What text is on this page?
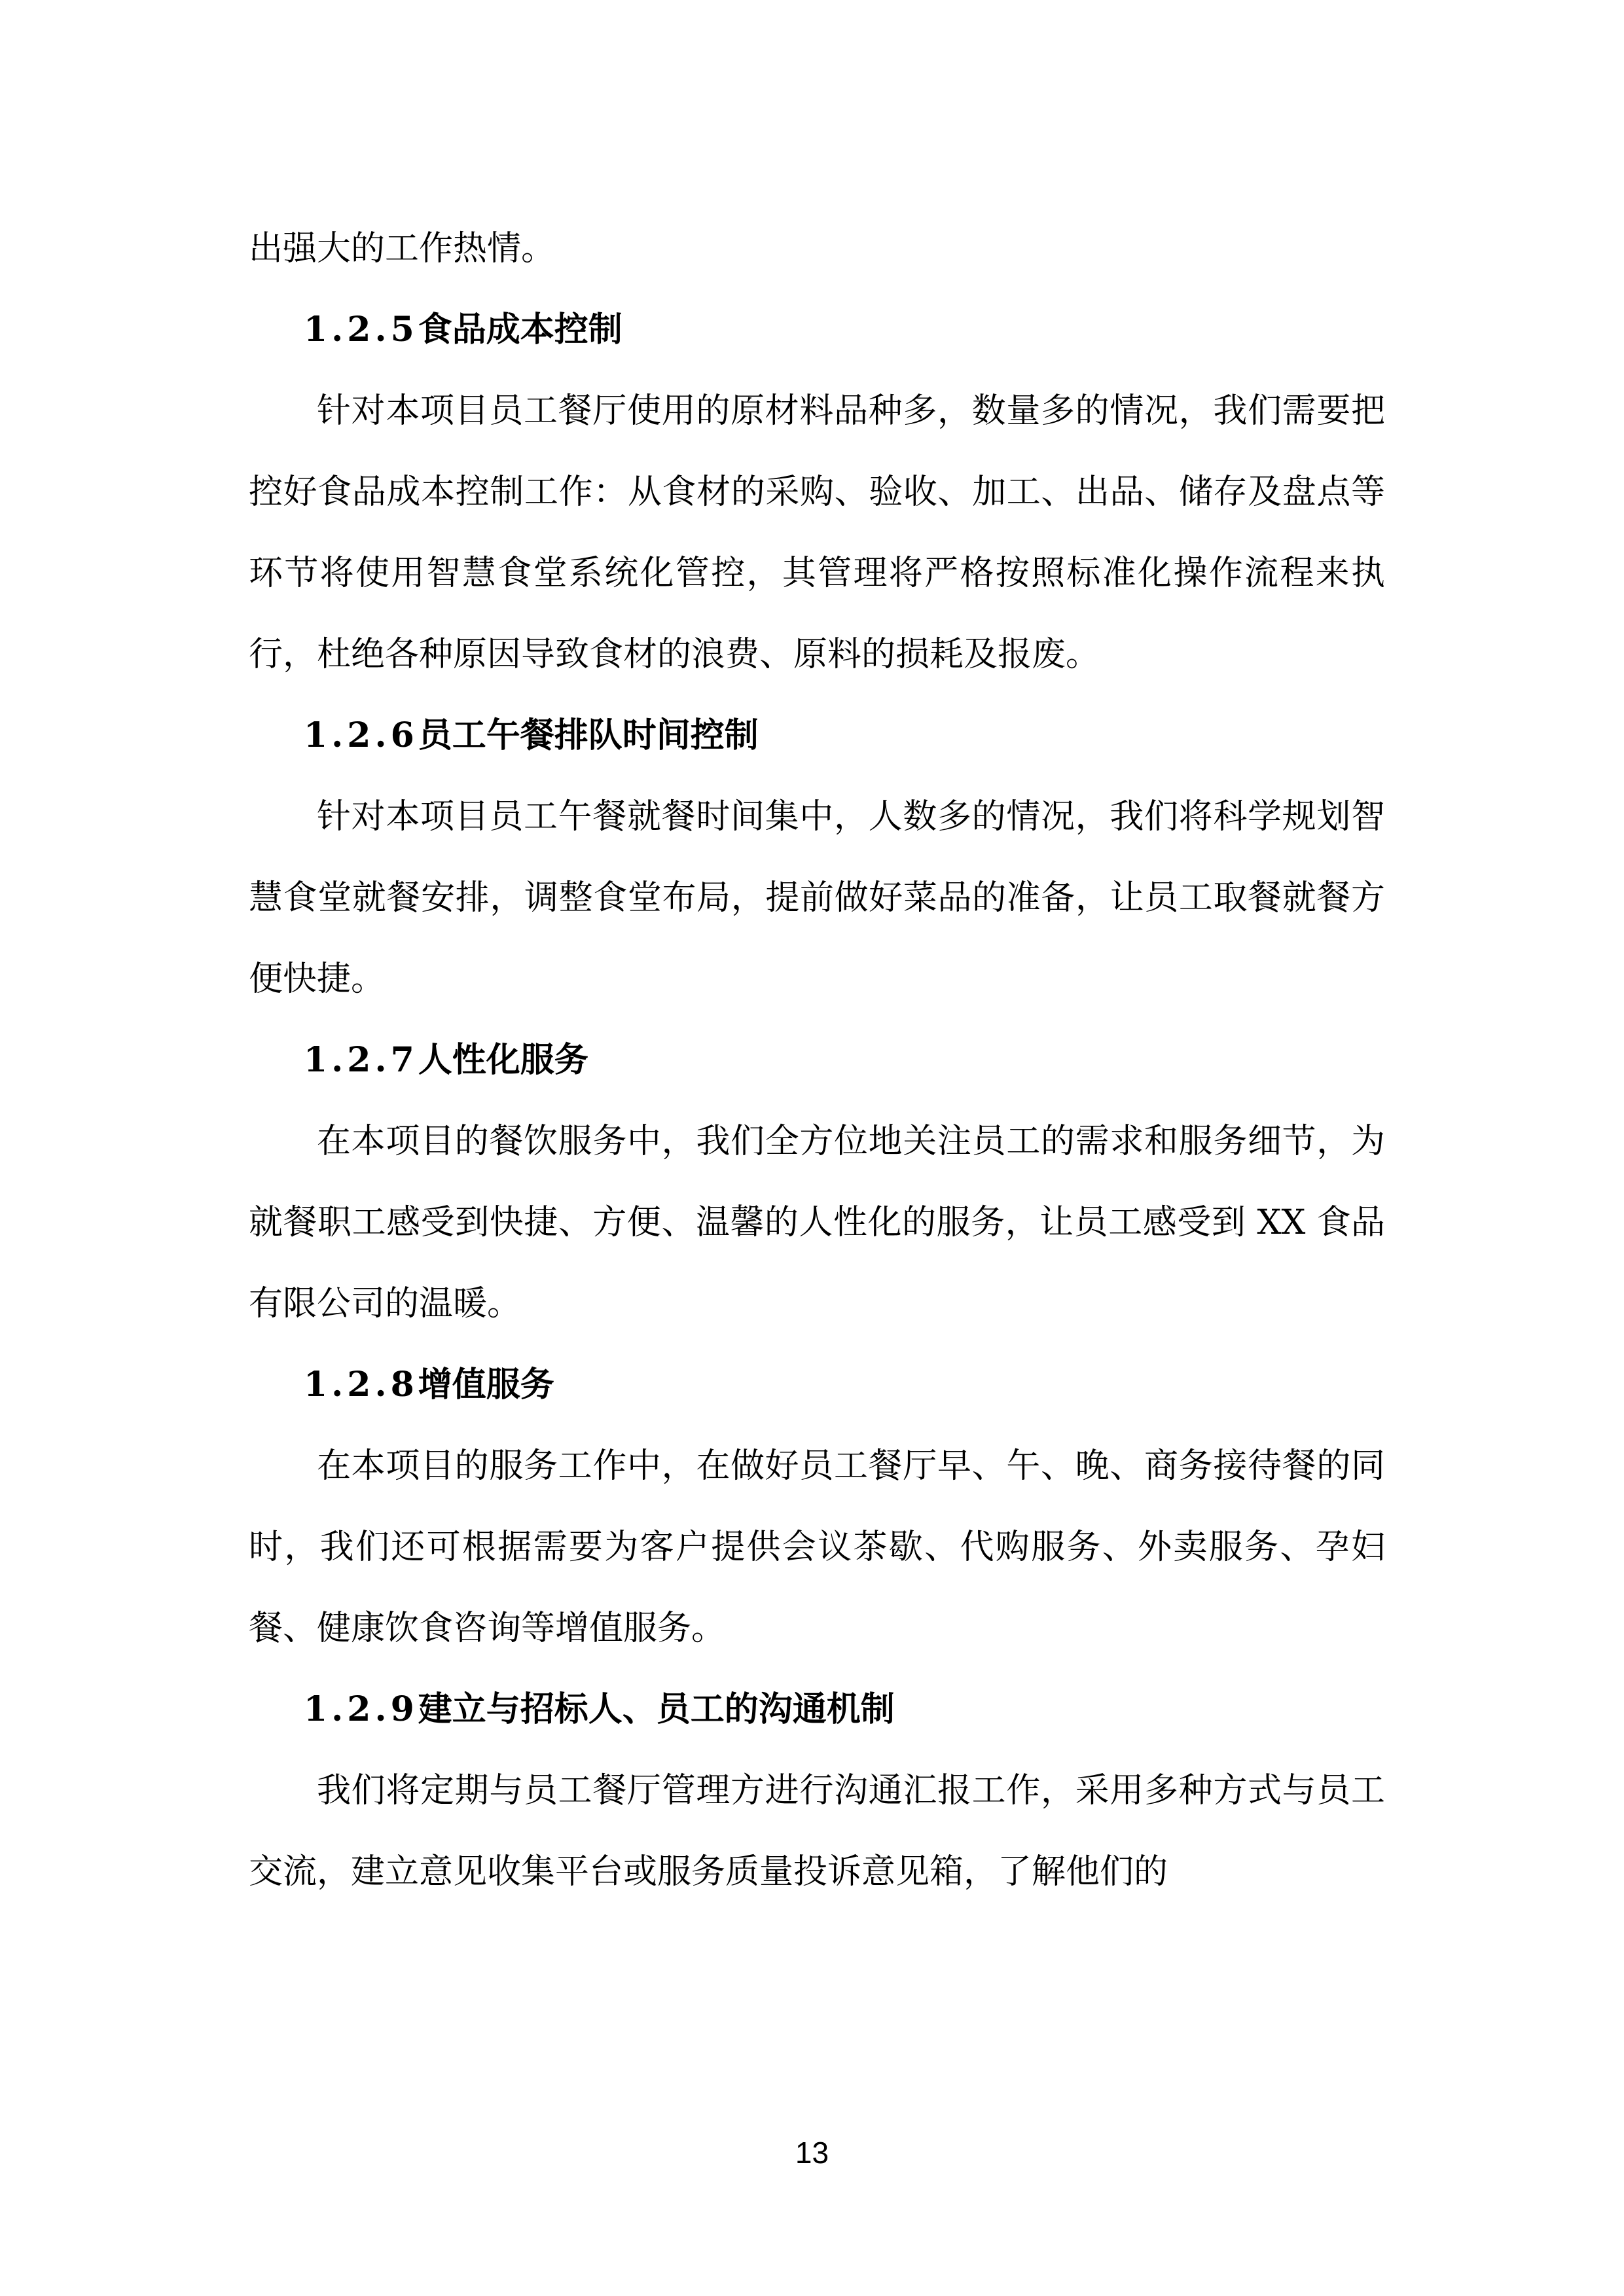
出强大的工作热情。

1.2.5食品成本控制

针对本项目员工餐厅使用的原材料品种多，数量多的情况，我们需要把控好食品成本控制工作：从食材的采购、验收、加工、出品、储存及盘点等环节将使用智慧食堂系统化管控，其管理将严格按照标准化操作流程来执行，杜绝各种原因导致食材的浪费、原料的损耗及报废。

1.2.6员工午餐排队时间控制

针对本项目员工午餐就餐时间集中，人数多的情况，我们将科学规划智慧食堂就餐安排，调整食堂布局，提前做好菜品的准备，让员工取餐就餐方便快捷。

1.2.7人性化服务

在本项目的餐饮服务中，我们全方位地关注员工的需求和服务细节，为就餐职工感受到快捷、方便、温馨的人性化的服务，让员工感受到 XX 食品有限公司的温暖。

1.2.8增值服务

在本项目的服务工作中，在做好员工餐厅早、午、晚、商务接待餐的同时，我们还可根据需要为客户提供会议茶歇、代购服务、外卖服务、孕妇餐、健康饮食咨询等增值服务。

1.2.9建立与招标人、员工的沟通机制

我们将定期与员工餐厅管理方进行沟通汇报工作，采用多种方式与员工交流，建立意见收集平台或服务质量投诉意见箱，了解他们的

13
